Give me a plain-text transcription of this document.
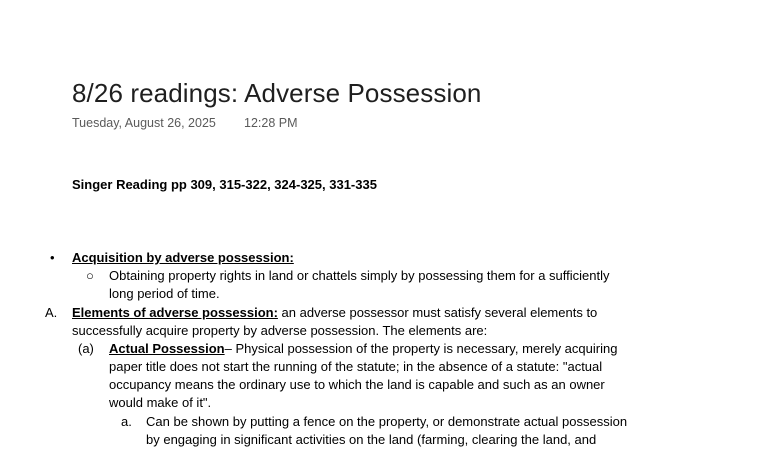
8/26 readings: Adverse Possession
Tuesday, August 26, 2025 12:28 PM
Singer Reading pp 309, 315-322, 324-325, 331-335
• Acquisition by adverse possession:
○ Obtaining property rights in land or chattels simply by possessing them for a sufficiently
long period of time.
A. Elements of adverse possession: an adverse possessor must satisfy several elements to
successfully acquire property by adverse possession. The elements are:
(a) Actual Possession– Physical possession of the property is necessary, merely acquiring
paper title does not start the running of the statute; in the absence of a statute: "actual
occupancy means the ordinary use to which the land is capable and such as an owner
would make of it".
a. Can be shown by putting a fence on the property, or demonstrate actual possession
by engaging in significant activities on the land (farming, clearing the land, and
